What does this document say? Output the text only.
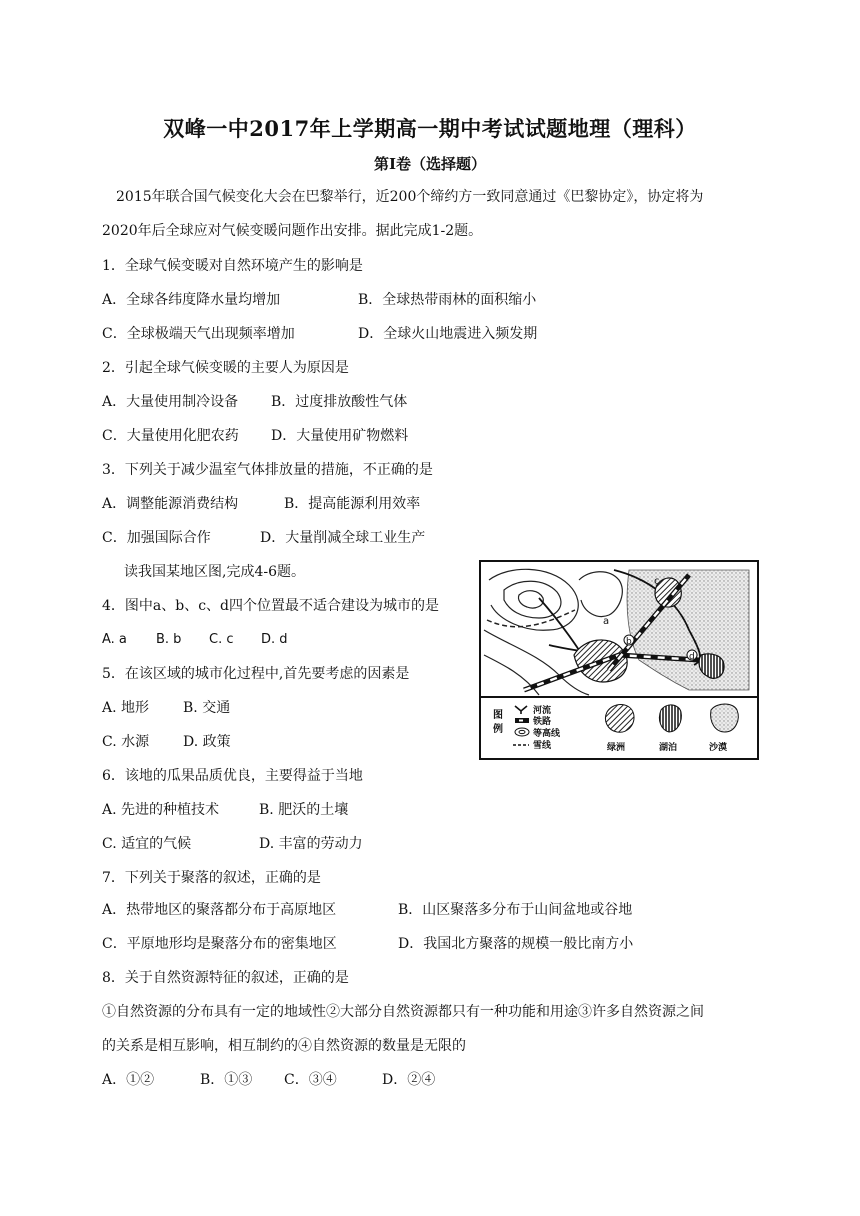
双峰一中2017年上学期高一期中考试试题地理（理科）
第Ⅰ卷（选择题）
2015年联合国气候变化大会在巴黎举行，近200个缔约方一致同意通过《巴黎协定》，协定将为
2020年后全球应对气候变暖问题作出安排。据此完成1-2题。
1．全球气候变暖对自然环境产生的影响是
A．全球各纬度降水量均增加	B．全球热带雨林的面积缩小
C．全球极端天气出现频率增加	D．全球火山地震进入频发期
2．引起全球气候变暖的主要人为原因是
A．大量使用制冷设备 B．过度排放酸性气体
C．大量使用化肥农药 D．大量使用矿物燃料
3．下列关于减少温室气体排放量的措施，不正确的是
A．调整能源消费结构	B．提高能源利用效率
C．加强国际合作	D．大量削减全球工业生产
读我国某地区图,完成4-6题。
4．图中a、b、c、d四个位置最不适合建设为城市的是
A. a B. b C. c D. d
5．在该区域的城市化过程中,首先要考虑的因素是
A. 地形 B. 交通
C. 水源 D. 政策
6．该地的瓜果品质优良，主要得益于当地
A. 先进的种植技术	B. 肥沃的土壤
C. 适宜的气候	D. 丰富的劳动力
7．下列关于聚落的叙述，正确的是
A．热带地区的聚落都分布于高原地区	B．山区聚落多分布于山间盆地或谷地
C．平原地形均是聚落分布的密集地区	D．我国北方聚落的规模一般比南方小
8．关于自然资源特征的叙述，正确的是
①自然资源的分布具有一定的地域性②大部分自然资源都只有一种功能和用途③许多自然资源之间
的关系是相互影响，相互制约的④自然资源的数量是无限的
A．①②	B．①③ C．③④	D．②④
a
b
c
d
图
例
河流
铁路
等高线
雪线	绿洲	湖泊	沙漠
